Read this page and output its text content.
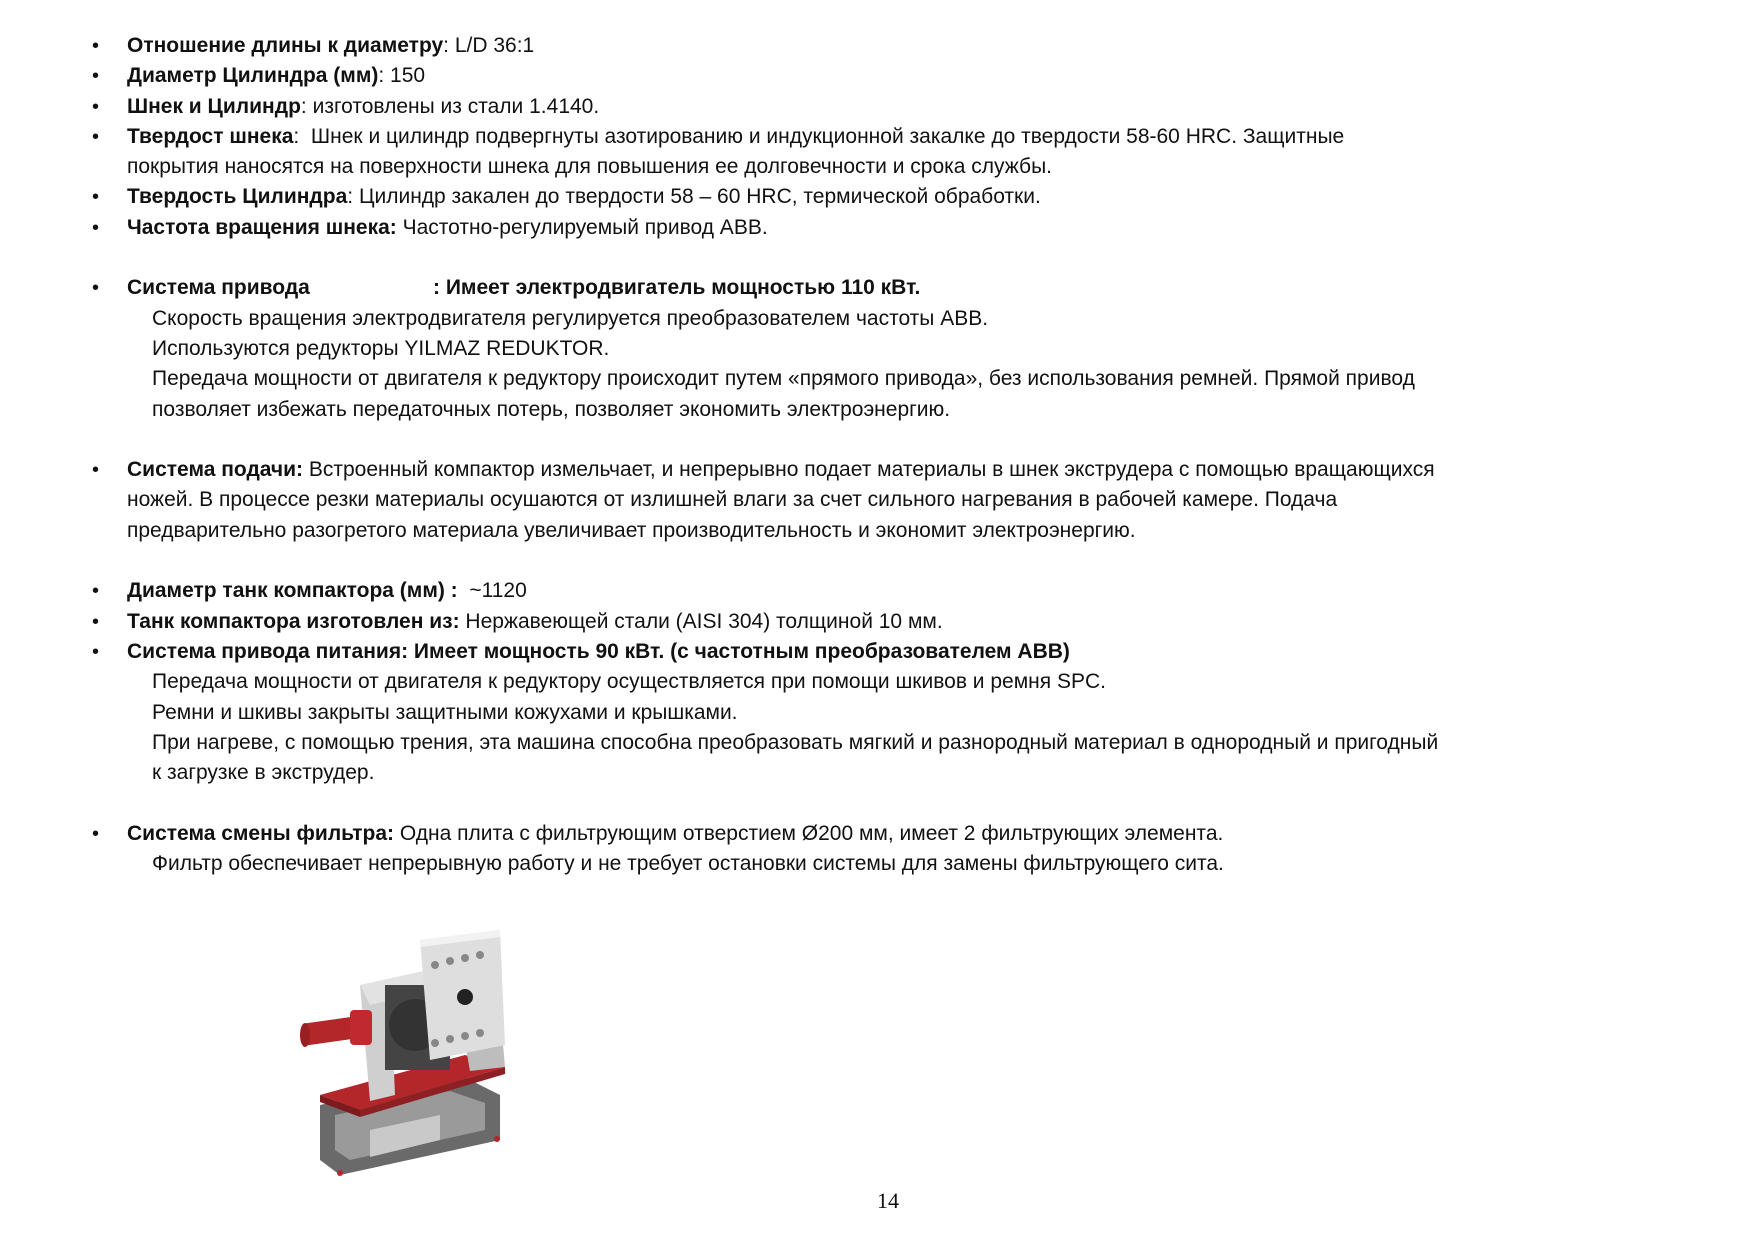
• Отношение длины к диаметру: L/D 36:1
• Диаметр Цилиндра (мм): 150
• Шнек и Цилиндр: изготовлены из стали 1.4140.
• Твердост шнека:  Шнек и цилиндр подвергнуты азотированию и индукционной закалке до твердости 58-60 HRC. Защитные
покрытия наносятся на поверхности шнека для повышения ее долговечности и срока службы.
• Твердость Цилиндра: Цилиндр закален до твердости 58 – 60 HRC, термической обработки.
• Частота вращения шнека: Частотно-регулируемый привод ABB.
• Система привода	: Имеет электродвигатель мощностью 110 кВт.
Скорость вращения электродвигателя регулируется преобразователем частоты ABB.
Используются редукторы YILMAZ REDUKTOR.
Передача мощности от двигателя к редуктору происходит путем «прямого привода», без использования ремней. Прямой привод
позволяет избежать передаточных потерь, позволяет экономить электроэнергию.
• Система подачи: Встроенный компактор измельчает, и непрерывно подает материалы в шнек экструдера с помощью вращающихся
ножей. В процессе резки материалы осушаются от излишней влаги за счет сильного нагревания в рабочей камере. Подача
предварительно разогретого материала увеличивает производительность и экономит электроэнергию.
• Диаметр танк компактора (мм) :  ~1120
• Танк компактора изготовлен из: Нержавеющей стали (AISI 304) толщиной 10 мм.
• Система привода питания: Имеет мощность 90 кВт. (с частотным преобразователем ABB)
Передача мощности от двигателя к редуктору осуществляется при помощи шкивов и ремня SPC.
Ремни и шкивы закрыты защитными кожухами и крышками.
При нагреве, с помощью трения, эта машина способна преобразовать мягкий и разнородный материал в однородный и пригодный
к загрузке в экструдер.
• Система смены фильтра: Одна плита с фильтрующим отверстием Ø200 мм, имеет 2 фильтрующих элемента.
Фильтр обеспечивает непрерывную работу и не требует остановки системы для замены фильтрующего сита.
14
